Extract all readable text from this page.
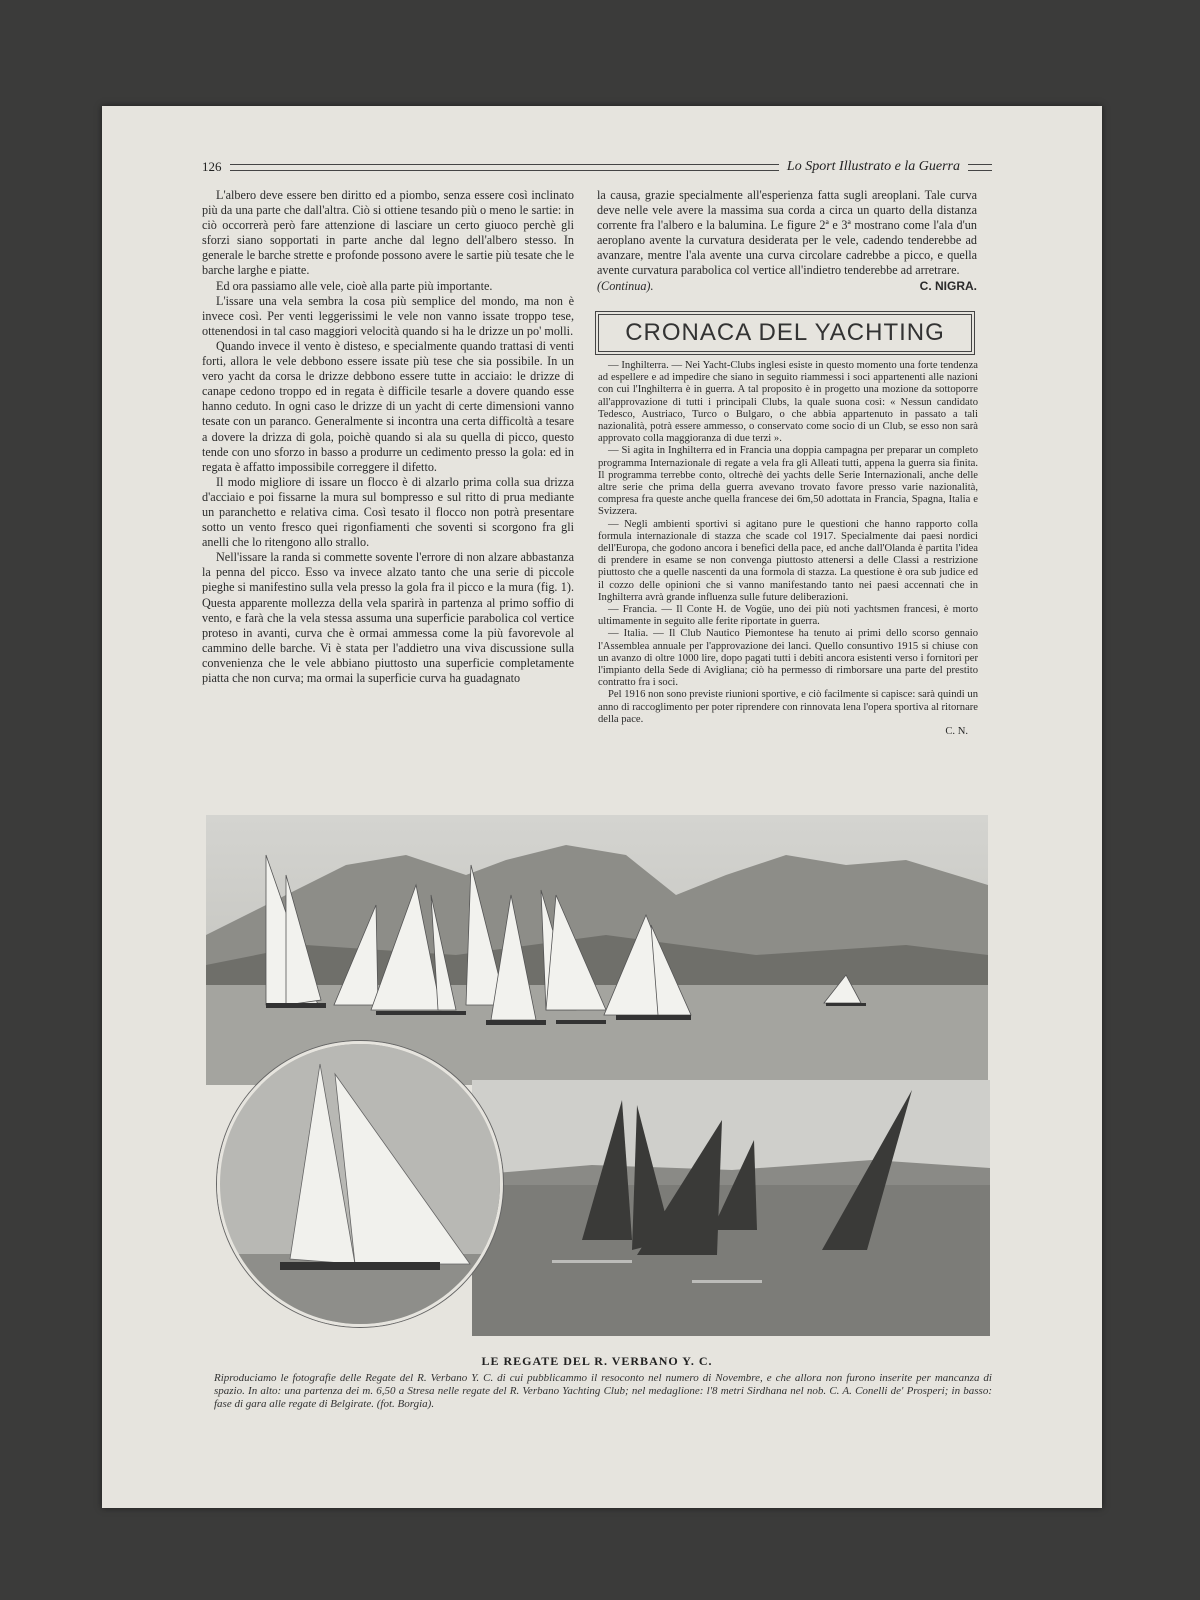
126	Lo Sport Illustrato e la Guerra

L'albero deve essere ben diritto ed a piombo, senza essere così inclinato più da una parte che dall'altra. Ciò si ottiene tesando più o meno le sartie: in ciò occorrerà però fare attenzione di lasciare un certo giuoco perchè gli sforzi siano sopportati in parte anche dal legno dell'albero stesso. In generale le barche strette e profonde possono avere le sartie più tesate che le barche larghe e piatte.

Ed ora passiamo alle vele, cioè alla parte più importante.

L'issare una vela sembra la cosa più semplice del mondo, ma non è invece così. Per venti leggerissimi le vele non vanno issate troppo tese, ottenendosi in tal caso maggiori velocità quando si ha le drizze un po' molli.

Quando invece il vento è disteso, e specialmente quando trattasi di venti forti, allora le vele debbono essere issate più tese che sia possibile. In un vero yacht da corsa le drizze debbono essere tutte in acciaio: le drizze di canape cedono troppo ed in regata è difficile tesarle a dovere quando esse hanno ceduto. In ogni caso le drizze di un yacht di certe dimensioni vanno tesate con un paranco. Generalmente si incontra una certa difficoltà a tesare a dovere la drizza di gola, poichè quando si ala su quella di picco, questo tende con uno sforzo in basso a produrre un cedimento presso la gola: ed in regata è affatto impossibile correggere il difetto.

Il modo migliore di issare un flocco è di alzarlo prima colla sua drizza d'acciaio e poi fissarne la mura sul bompresso e sul ritto di prua mediante un paranchetto e relativa cima. Così tesato il flocco non potrà presentare sotto un vento fresco quei rigonfiamenti che soventi si scorgono fra gli anelli che lo ritengono allo strallo.

Nell'issare la randa si commette sovente l'errore di non alzare abbastanza la penna del picco. Esso va invece alzato tanto che una serie di piccole pieghe si manifestino sulla vela presso la gola fra il picco e la mura (fig. 1). Questa apparente mollezza della vela sparirà in partenza al primo soffio di vento, e farà che la vela stessa assuma una superficie parabolica col vertice proteso in avanti, curva che è ormai ammessa come la più favorevole al cammino delle barche. Vi è stata per l'addietro una viva discussione sulla convenienza che le vele abbiano piuttosto una superficie completamente piatta che non curva; ma ormai la superficie curva ha guadagnato

la causa, grazie specialmente all'esperienza fatta sugli areoplani. Tale curva deve nelle vele avere la massima sua corda a circa un quarto della distanza corrente fra l'albero e la balumina. Le figure 2ª e 3ª mostrano come l'ala d'un aeroplano avente la curvatura desiderata per le vele, cadendo tenderebbe ad avanzare, mentre l'ala avente una curva circolare cadrebbe a picco, e quella avente curvatura parabolica col vertice all'indietro tenderebbe ad arretrare.

(Continua).	C. NIGRA.
CRONACA DEL YACHTING

— Inghilterra. — Nei Yacht-Clubs inglesi esiste in questo momento una forte tendenza ad espellere e ad impedire che siano in seguito riammessi i soci appartenenti alle nazioni con cui l'Inghilterra è in guerra. A tal proposito è in progetto una mozione da sottoporre all'approvazione di tutti i principali Clubs, la quale suona così: « Nessun candidato Tedesco, Austriaco, Turco o Bulgaro, o che abbia appartenuto in passato a tali nazionalità, potrà essere ammesso, o conservato come socio di un Club, se esso non sarà approvato colla maggioranza di due terzi ».

— Si agita in Inghilterra ed in Francia una doppia campagna per preparar un completo programma Internazionale di regate a vela fra gli Alleati tutti, appena la guerra sia finita. Il programma terrebbe conto, oltrechè dei yachts delle Serie Internazionali, anche delle altre serie che prima della guerra avevano trovato favore presso varie nazionalità, compresa fra queste anche quella francese dei 6m,50 adottata in Francia, Spagna, Italia e Svizzera.

— Negli ambienti sportivi si agitano pure le questioni che hanno rapporto colla formula internazionale di stazza che scade col 1917. Specialmente dai paesi nordici dell'Europa, che godono ancora i benefici della pace, ed anche dall'Olanda è partita l'idea di prendere in esame se non convenga piuttosto attenersi a delle Classi a restrizione piuttosto che a quelle nascenti da una formola di stazza. La questione è ora sub judice ed il cozzo delle opinioni che si vanno manifestando tanto nei paesi accennati che in Inghilterra avrà grande influenza sulle future deliberazioni.

— Francia. — Il Conte H. de Vogüe, uno dei più noti yachtsmen francesi, è morto ultimamente in seguito alle ferite riportate in guerra.

— Italia. — Il Club Nautico Piemontese ha tenuto ai primi dello scorso gennaio l'Assemblea annuale per l'approvazione dei lanci. Quello consuntivo 1915 si chiuse con un avanzo di oltre 1000 lire, dopo pagati tutti i debiti ancora esistenti verso i fornitori per l'impianto della Sede di Avigliana; ciò ha permesso di rimborsare una parte del prestito contratto fra i soci.

Pel 1916 non sono previste riunioni sportive, e ciò facilmente si capisce: sarà quindi un anno di raccoglimento per poter riprendere con rinnovata lena l'opera sportiva al ritornare della pace.

C. N.
LE REGATE DEL R. VERBANO Y. C.
Riproduciamo le fotografie delle Regate del R. Verbano Y. C. di cui pubblicammo il resoconto nel numero di Novembre, e che allora non furono inserite per mancanza di spazio. In alto: una partenza dei m. 6,50 a Stresa nelle regate del R. Verbano Yachting Club; nel medaglione: l'8 metri Sirdhana nel nob. C. A. Conelli de' Prosperi; in basso: fase di gara alle regate di Belgirate. (fot. Borgia).
